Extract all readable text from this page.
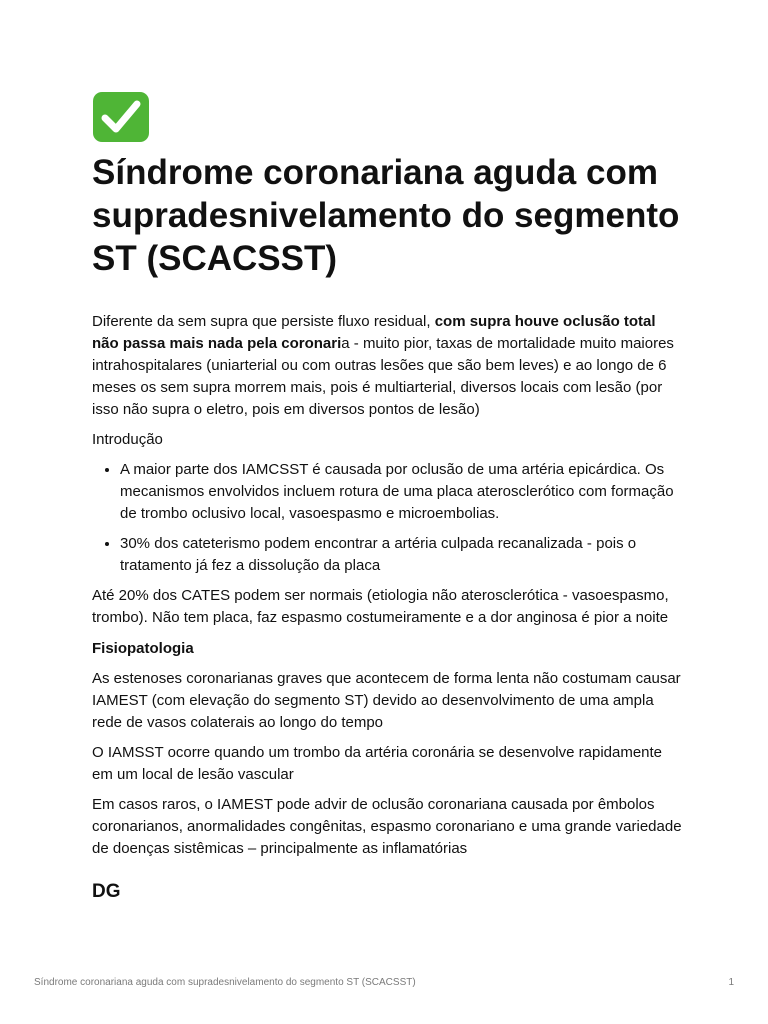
Síndrome coronariana aguda com supradesnivelamento do segmento ST (SCACSST)

Diferente da sem supra que persiste fluxo residual, com supra houve oclusão total não passa mais nada pela coronaria - muito pior, taxas de mortalidade muito maiores intrahospitalares (uniarterial ou com outras lesões que são bem leves) e ao longo de 6 meses os sem supra morrem mais, pois é multiarterial, diversos locais com lesão (por isso não supra o eletro, pois em diversos pontos de lesão)

Introdução

• A maior parte dos IAMCSST é causada por oclusão de uma artéria epicárdica. Os mecanismos envolvidos incluem rotura de uma placa aterosclerótico com formação de trombo oclusivo local, vasoespasmo e microembolias.
• 30% dos cateterismo podem encontrar a artéria culpada recanalizada - pois o tratamento já fez a dissolução da placa

Até 20% dos CATES podem ser normais (etiologia não aterosclerótica - vasoespasmo, trombo). Não tem placa, faz espasmo costumeiramente e a dor anginosa é pior a noite

Fisiopatologia

As estenoses coronarianas graves que acontecem de forma lenta não costumam causar IAMEST (com elevação do segmento ST) devido ao desenvolvimento de uma ampla rede de vasos colaterais ao longo do tempo

O IAMSST ocorre quando um trombo da artéria coronária se desenvolve rapidamente em um local de lesão vascular

Em casos raros, o IAMEST pode advir de oclusão coronariana causada por êmbolos coronarianos, anormalidades congênitas, espasmo coronariano e uma grande variedade de doenças sistêmicas – principalmente as inflamatórias

DG

Síndrome coronariana aguda com supradesnivelamento do segmento ST (SCACSST)	1
